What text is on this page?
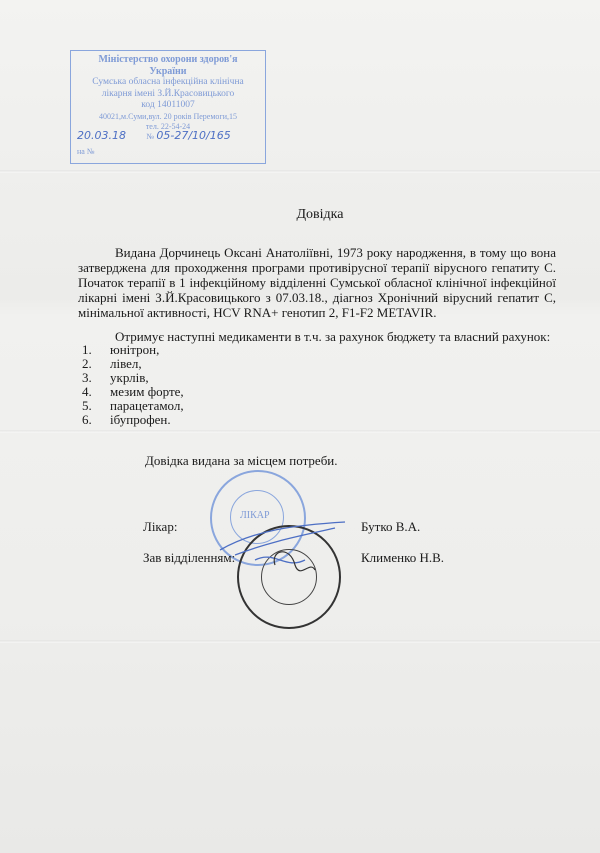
Міністерство охорони здоров'я
України
Сумська обласна інфекційна клінічна
лікарня імені З.Й.Красовицького
код 14011007
40021,м.Суми,вул. 20 років Перемоги,15
тел. 22-54-24
20.03.18	№ 05-27/10/165
на №
Довідка

Видана Дорчинець Оксані Анатоліївні, 1973 року народження, в тому що вона затверджена для проходження програми противірусної терапії вірусного гепатиту С. Початок терапії в 1 інфекційному відділенні Сумської обласної клінічної інфекційної лікарні імені З.Й.Красовицького з 07.03.18., діагноз Хронічний вірусний гепатит С, мінімальної активності, HCV RNA+ генотип 2, F1-F2 METAVIR.

Отримує наступні медикаменти в т.ч. за рахунок бюджету та власний рахунок:
1.	юнітрон,
2.	лівел,
3.	укрлів,
4.	мезим форте,
5.	парацетамол,
6.	ібупрофен.
Довідка видана за місцем потреби.
ЛІКАР
Лікар:	Бутко В.А.
Зав відділенням:	Клименко Н.В.
